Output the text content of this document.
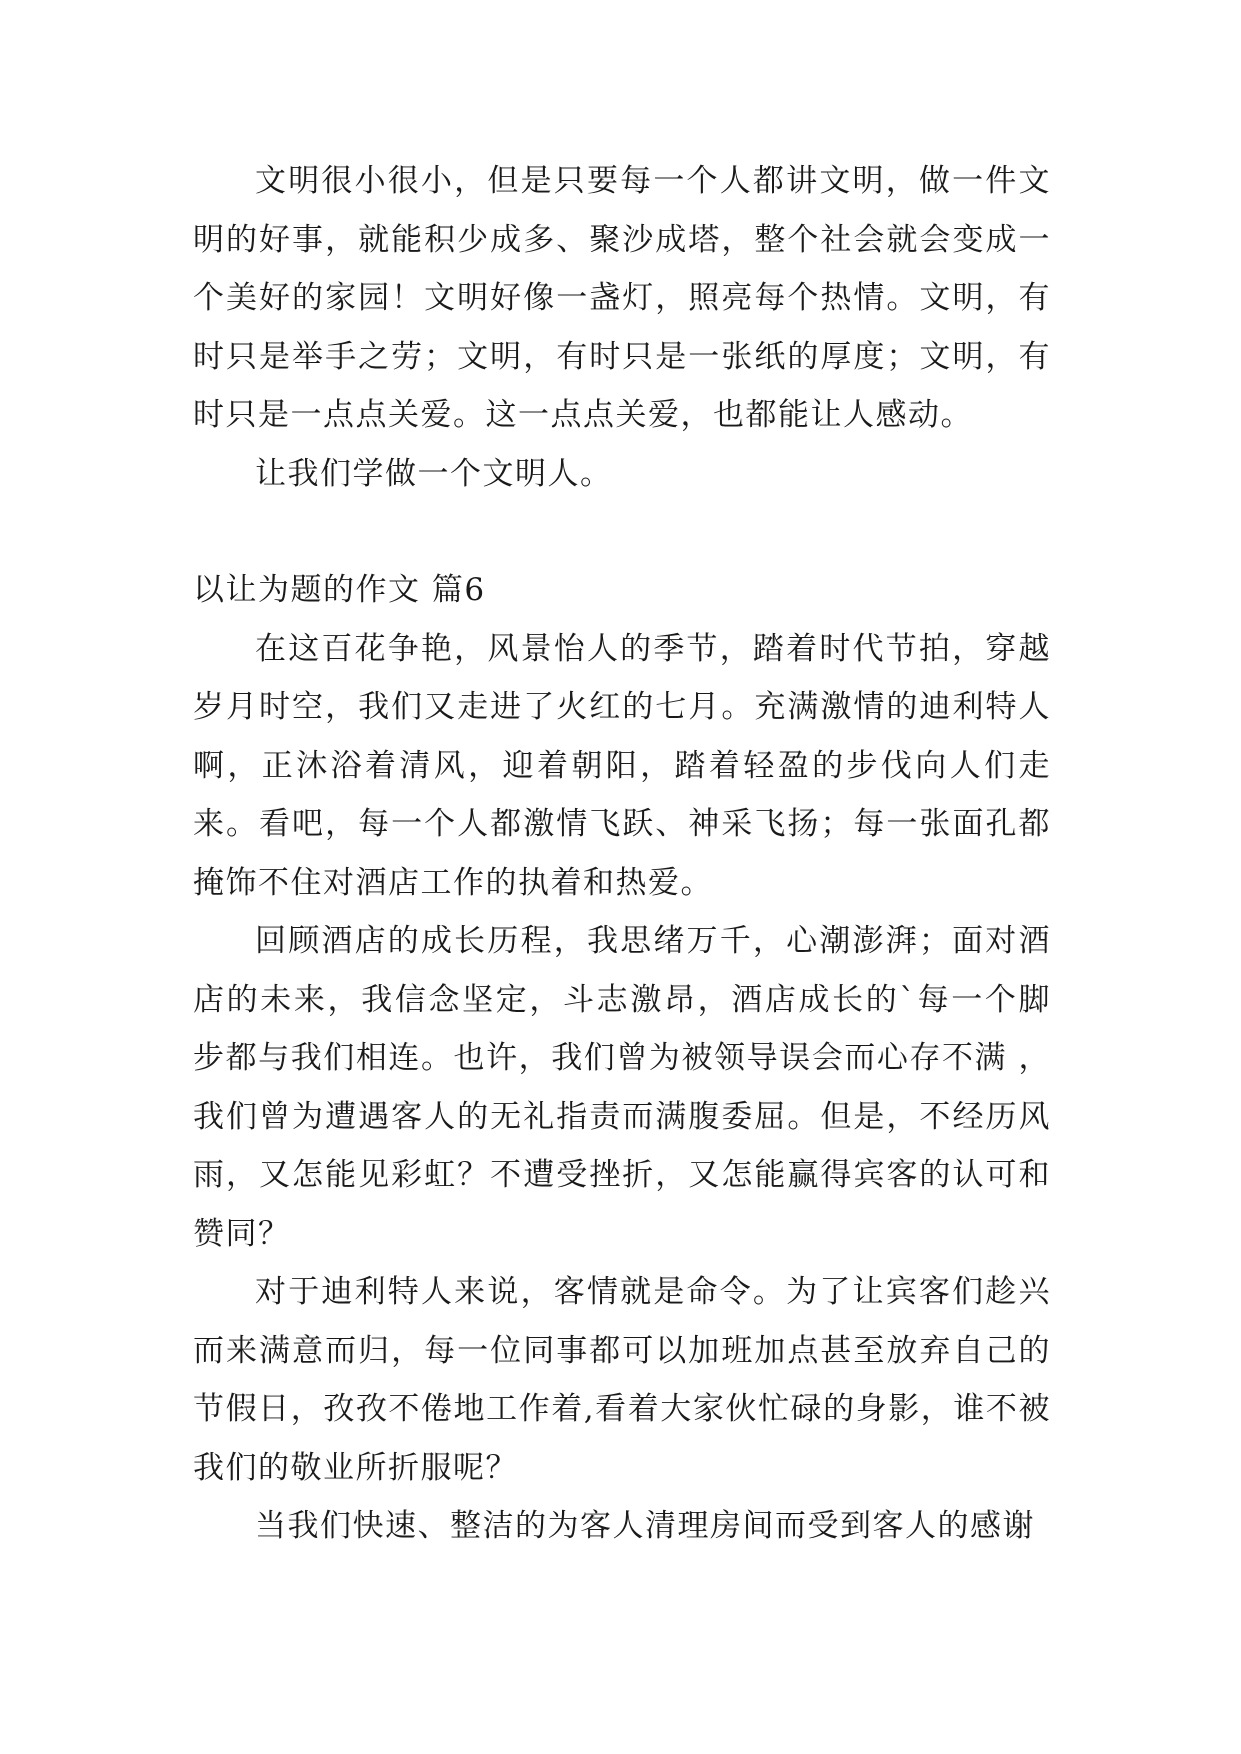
文明很小很小，但是只要每一个人都讲文明，做一件文明的好事，就能积少成多、聚沙成塔，整个社会就会变成一个美好的家园！文明好像一盏灯，照亮每个热情。文明，有时只是举手之劳；文明，有时只是一张纸的厚度；文明，有时只是一点点关爱。这一点点关爱，也都能让人感动。

让我们学做一个文明人。

以让为题的作文 篇6

在这百花争艳，风景怡人的季节，踏着时代节拍，穿越岁月时空，我们又走进了火红的七月。充满激情的迪利特人啊，正沐浴着清风，迎着朝阳，踏着轻盈的步伐向人们走来。看吧，每一个人都激情飞跃、神采飞扬；每一张面孔都掩饰不住对酒店工作的执着和热爱。

回顾酒店的成长历程，我思绪万千，心潮澎湃；面对酒店的未来，我信念坚定，斗志激昂，酒店成长的`每一个脚步都与我们相连。也许，我们曾为被领导误会而心存不满 ，我们曾为遭遇客人的无礼指责而满腹委屈。但是，不经历风雨，又怎能见彩虹？不遭受挫折，又怎能赢得宾客的认可和赞同？

对于迪利特人来说，客情就是命令。为了让宾客们趁兴而来满意而归，每一位同事都可以加班加点甚至放弃自己的节假日，孜孜不倦地工作着,看着大家伙忙碌的身影，谁不被我们的敬业所折服呢？

当我们快速、整洁的为客人清理房间而受到客人的感谢
